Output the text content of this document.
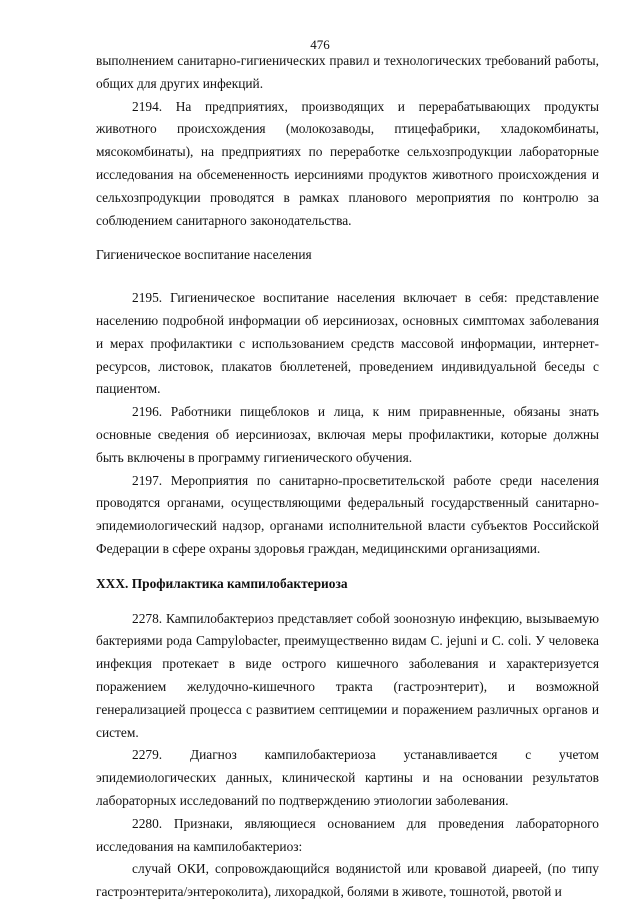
476

выполнением санитарно-гигиенических правил и технологических требований работы, общих для других инфекций.

2194. На предприятиях, производящих и перерабатывающих продукты животного происхождения (молокозаводы, птицефабрики, хладокомбинаты, мясокомбинаты), на предприятиях по переработке сельхозпродукции лабораторные исследования на обсемененность иерсиниями продуктов животного происхождения и сельхозпродукции проводятся в рамках планового мероприятия по контролю за соблюдением санитарного законодательства.

Гигиеническое воспитание населения

2195. Гигиеническое воспитание населения включает в себя: представление населению подробной информации об иерсиниозах, основных симптомах заболевания и мерах профилактики с использованием средств массовой информации, интернет-ресурсов, листовок, плакатов бюллетеней, проведением индивидуальной беседы с пациентом.

2196. Работники пищеблоков и лица, к ним приравненные, обязаны знать основные сведения об иерсиниозах, включая меры профилактики, которые должны быть включены в программу гигиенического обучения.

2197. Мероприятия по санитарно-просветительской работе среди населения проводятся органами, осуществляющими федеральный государственный санитарно-эпидемиологический надзор, органами исполнительной власти субъектов Российской Федерации в сфере охраны здоровья граждан, медицинскими организациями.

XXX. Профилактика кампилобактериоза

2278. Кампилобактериоз представляет собой зоонозную инфекцию, вызываемую бактериями рода Campylobacter, преимущественно видам C. jejuni и C. coli. У человека инфекция протекает в виде острого кишечного заболевания и характеризуется поражением желудочно-кишечного тракта (гастроэнтерит), и возможной генерализацией процесса с развитием септицемии и поражением различных органов и систем.

2279. Диагноз кампилобактериоза устанавливается с учетом эпидемиологических данных, клинической картины и на основании результатов лабораторных исследований по подтверждению этиологии заболевания.

2280. Признаки, являющиеся основанием для проведения лабораторного исследования на кампилобактериоз:

случай ОКИ, сопровождающийся водянистой или кровавой диареей, (по типу гастроэнтерита/энтероколита), лихорадкой, болями в животе, тошнотой, рвотой и
